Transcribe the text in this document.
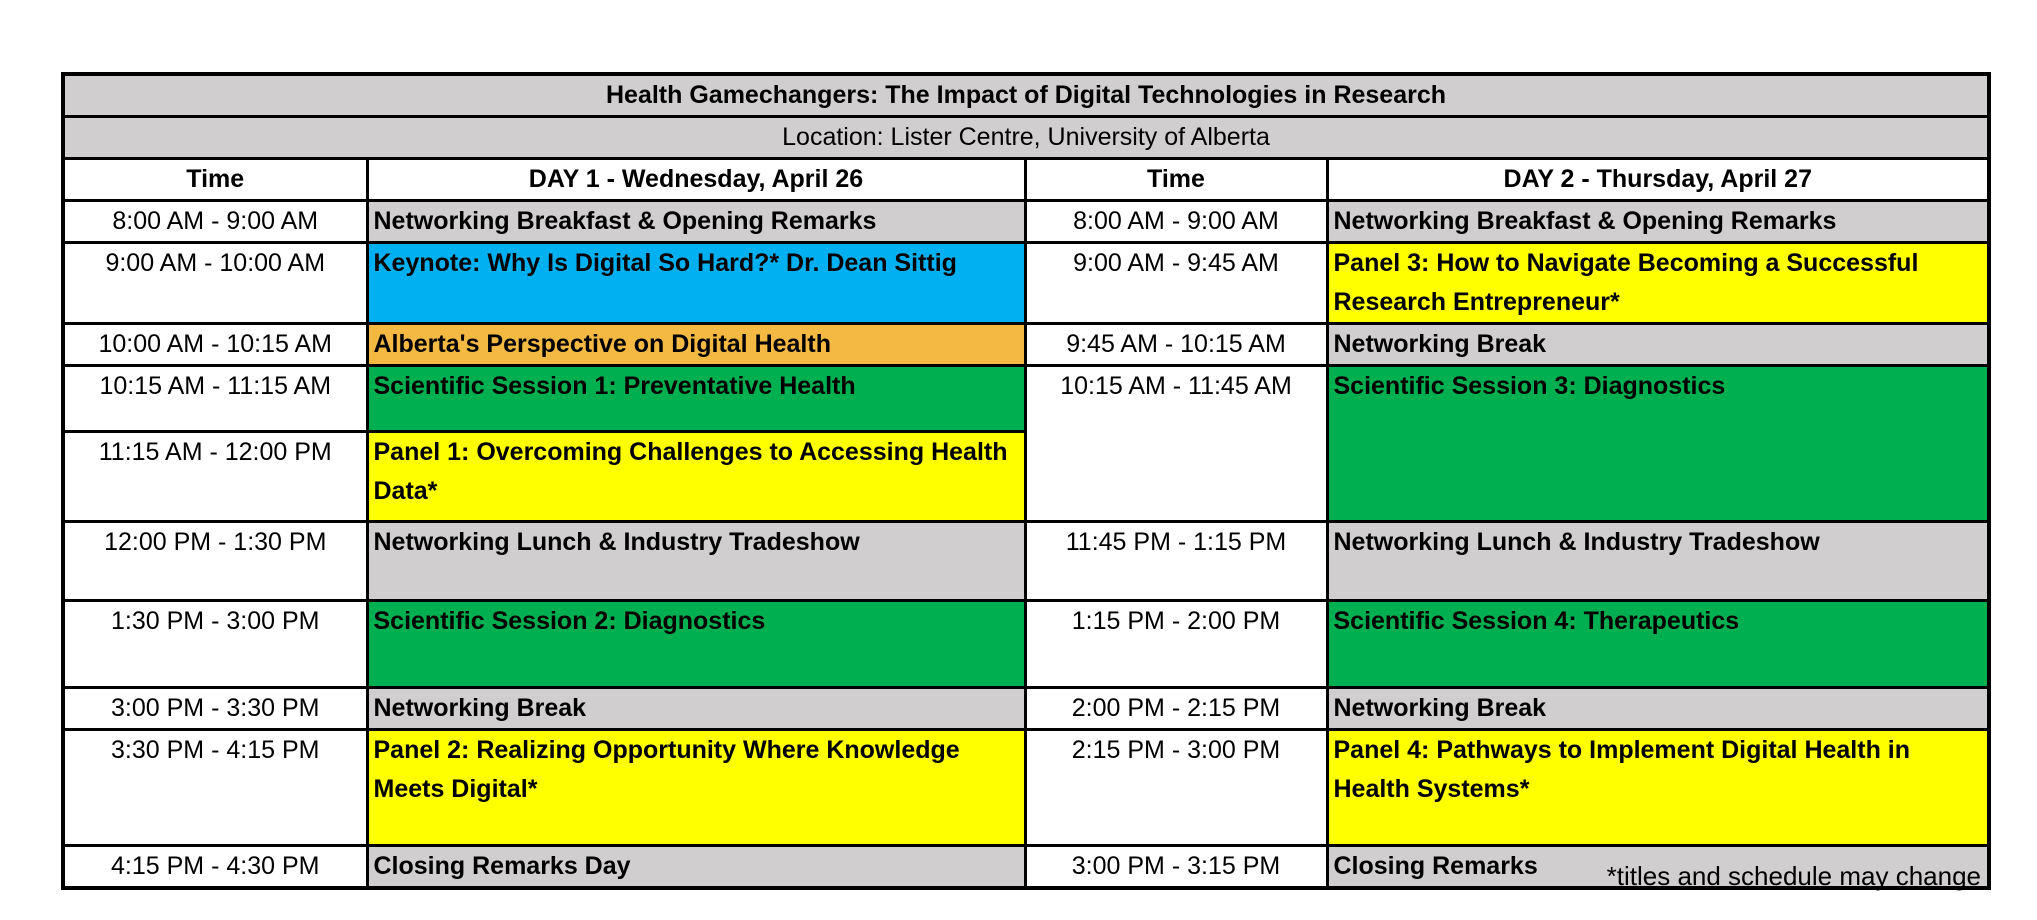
Health Gamechangers: The Impact of Digital Technologies in Research			
Location: Lister Centre, University of Alberta			
Time	DAY 1 - Wednesday, April 26	Time	DAY 2 - Thursday, April 27
8:00 AM - 9:00 AM	Networking Breakfast & Opening Remarks	8:00 AM - 9:00 AM	Networking Breakfast & Opening Remarks
9:00 AM - 10:00 AM	Keynote: Why Is Digital So Hard?* Dr. Dean Sittig	9:00 AM - 9:45 AM	Panel 3: How to Navigate Becoming a Successful Research Entrepreneur*
10:00 AM - 10:15 AM	Alberta's Perspective on Digital Health	9:45 AM - 10:15 AM	Networking Break
10:15 AM - 11:15 AM	Scientific Session 1: Preventative Health	10:15 AM - 11:45 AM	Scientific Session 3: Diagnostics
11:15 AM - 12:00 PM	Panel 1: Overcoming Challenges to Accessing Health Data*		
12:00 PM - 1:30 PM	Networking Lunch & Industry Tradeshow	11:45 PM - 1:15 PM	Networking Lunch & Industry Tradeshow
1:30 PM - 3:00 PM	Scientific Session 2: Diagnostics	1:15 PM - 2:00 PM	Scientific Session 4: Therapeutics
3:00 PM - 3:30 PM	Networking Break	2:00 PM - 2:15 PM	Networking Break
3:30 PM - 4:15 PM	Panel 2: Realizing Opportunity Where Knowledge Meets Digital*	2:15 PM - 3:00 PM	Panel 4: Pathways to Implement Digital Health in Health Systems*
4:15 PM - 4:30 PM	Closing Remarks Day	3:00 PM - 3:15 PM	Closing Remarks	*titles and schedule may change
